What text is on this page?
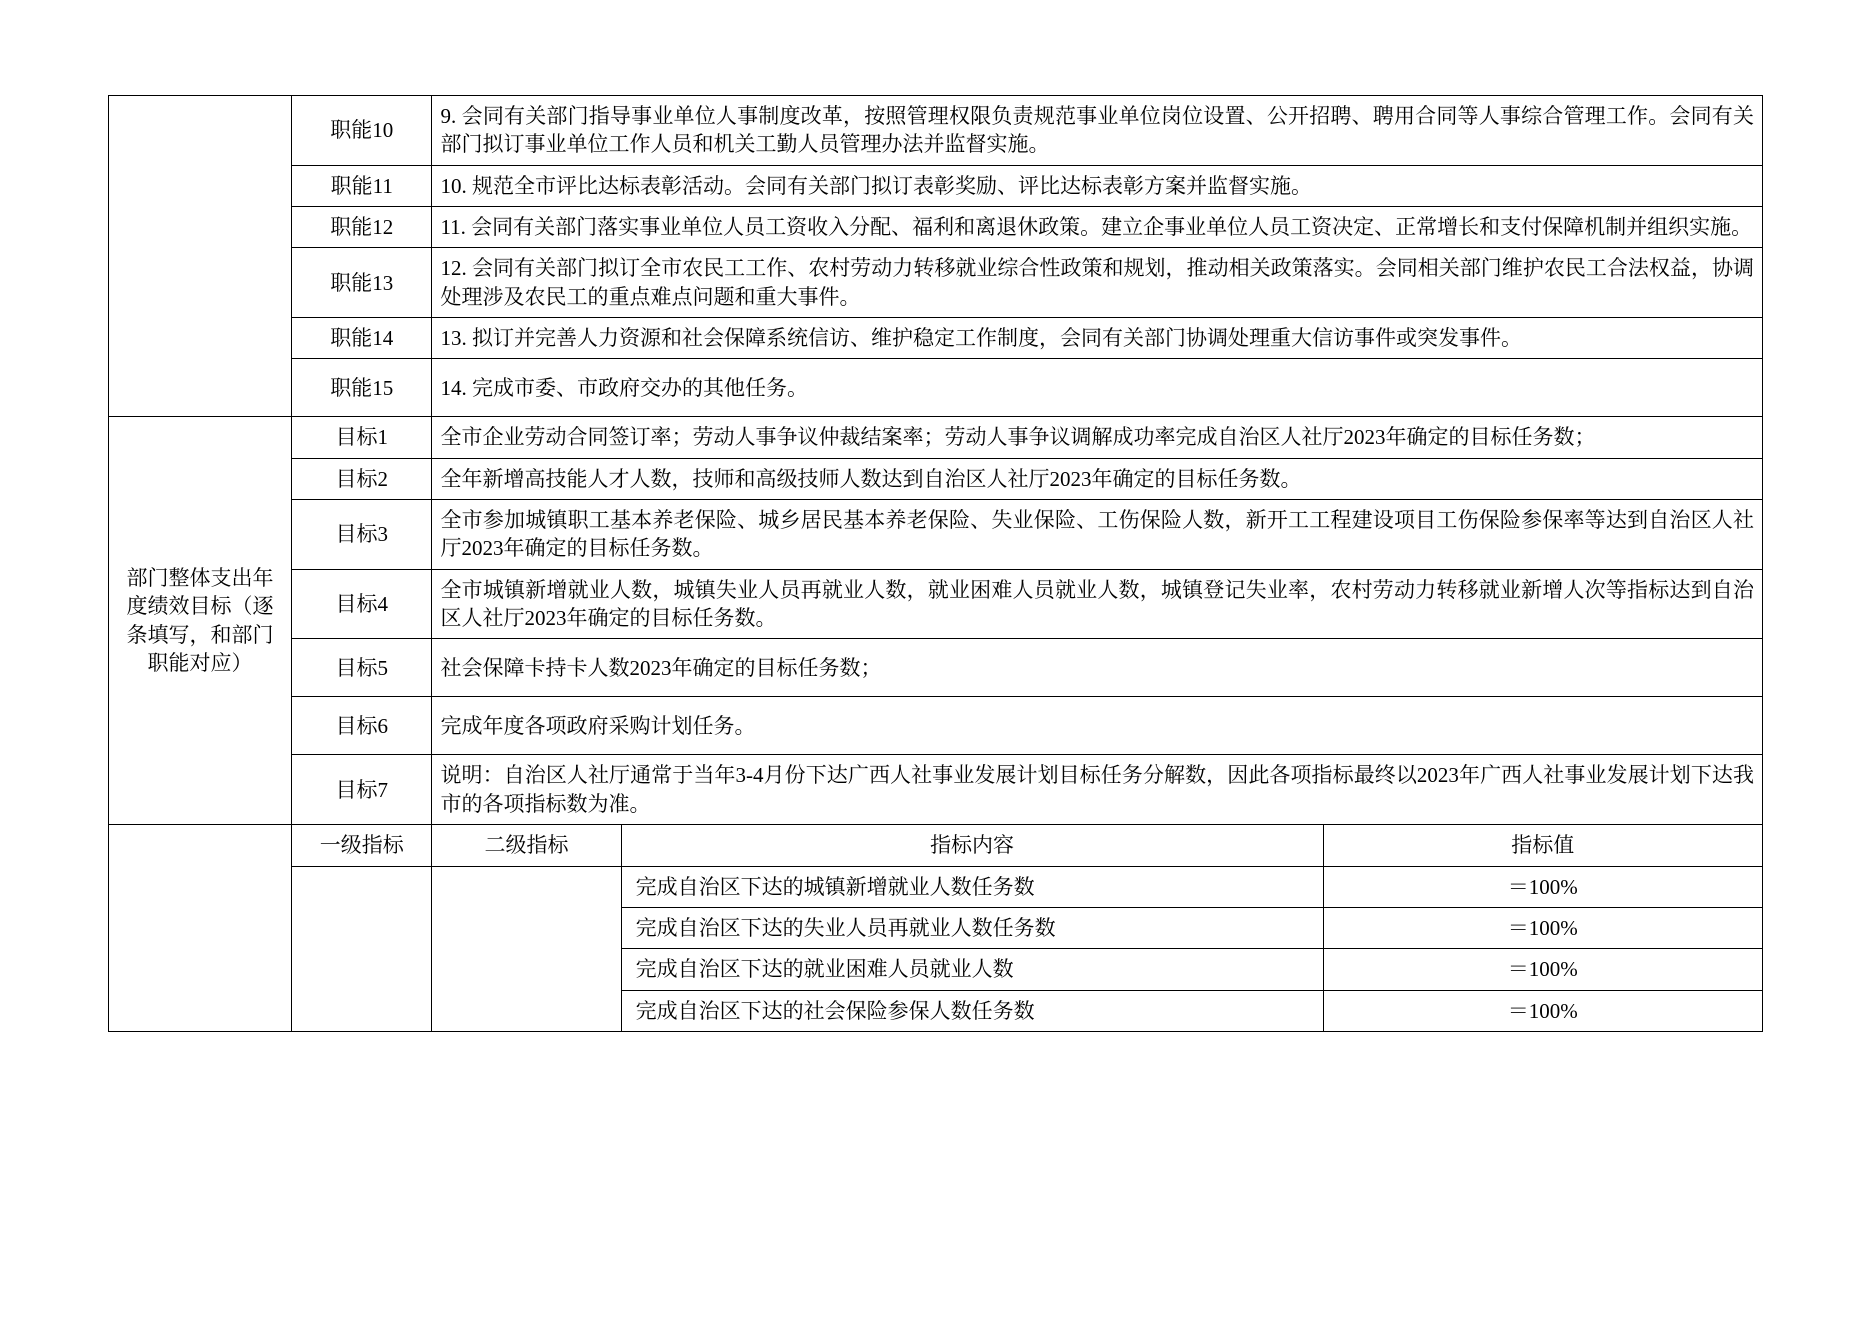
	职能10	9. 会同有关部门指导事业单位人事制度改革，按照管理权限负责规范事业单位岗位设置、公开招聘、聘用合同等人事综合管理工作。会同有关部门拟订事业单位工作人员和机关工勤人员管理办法并监督实施。		
	职能11	10. 规范全市评比达标表彰活动。会同有关部门拟订表彰奖励、评比达标表彰方案并监督实施。		
	职能12	11. 会同有关部门落实事业单位人员工资收入分配、福利和离退休政策。建立企事业单位人员工资决定、正常增长和支付保障机制并组织实施。		
	职能13	12. 会同有关部门拟订全市农民工工作、农村劳动力转移就业综合性政策和规划，推动相关政策落实。会同相关部门维护农民工合法权益，协调处理涉及农民工的重点难点问题和重大事件。		
	职能14	13. 拟订并完善人力资源和社会保障系统信访、维护稳定工作制度，会同有关部门协调处理重大信访事件或突发事件。		
	职能15	14. 完成市委、市政府交办的其他任务。		
部门整体支出年度绩效目标（逐条填写，和部门职能对应）	目标1	全市企业劳动合同签订率；劳动人事争议仲裁结案率；劳动人事争议调解成功率完成自治区人社厅2023年确定的目标任务数；		
	目标2	全年新增高技能人才人数，技师和高级技师人数达到自治区人社厅2023年确定的目标任务数。		
	目标3	全市参加城镇职工基本养老保险、城乡居民基本养老保险、失业保险、工伤保险人数，新开工工程建设项目工伤保险参保率等达到自治区人社厅2023年确定的目标任务数。		
	目标4	全市城镇新增就业人数，城镇失业人员再就业人数，就业困难人员就业人数，城镇登记失业率，农村劳动力转移就业新增人次等指标达到自治区人社厅2023年确定的目标任务数。		
	目标5	社会保障卡持卡人数2023年确定的目标任务数；		
	目标6	完成年度各项政府采购计划任务。		
	目标7	说明：自治区人社厅通常于当年3-4月份下达广西人社事业发展计划目标任务分解数，因此各项指标最终以2023年广西人社事业发展计划下达我市的各项指标数为准。		
	一级指标	二级指标	指标内容	指标值
			完成自治区下达的城镇新增就业人数任务数	＝100%
			完成自治区下达的失业人员再就业人数任务数	＝100%
			完成自治区下达的就业困难人员就业人数	＝100%
			完成自治区下达的社会保险参保人数任务数	＝100%
